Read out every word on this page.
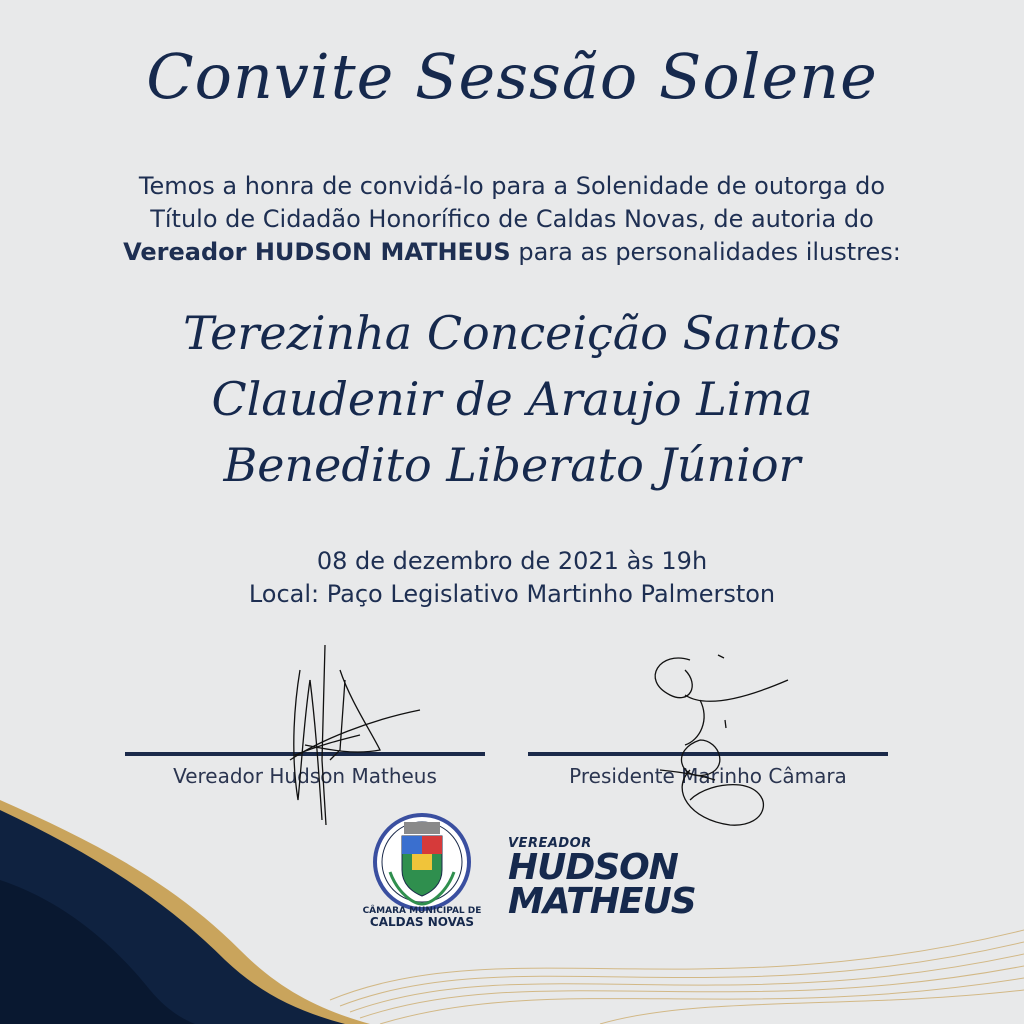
Convite Sessão Solene
Temos a honra de convidá-lo para a Solenidade de outorga do
Título de Cidadão Honorífico de Caldas Novas, de autoria do
Vereador HUDSON MATHEUS para as personalidades ilustres:
Terezinha Conceição Santos
Claudenir de Araujo Lima
Benedito Liberato Júnior
08 de dezembro de 2021 às 19h
Local: Paço Legislativo Martinho Palmerston
Vereador Hudson Matheus	Presidente Marinho Câmara
CÂMARA MUNICIPAL DE
CALDAS NOVAS
VEREADOR
HUDSON
MATHEUS
